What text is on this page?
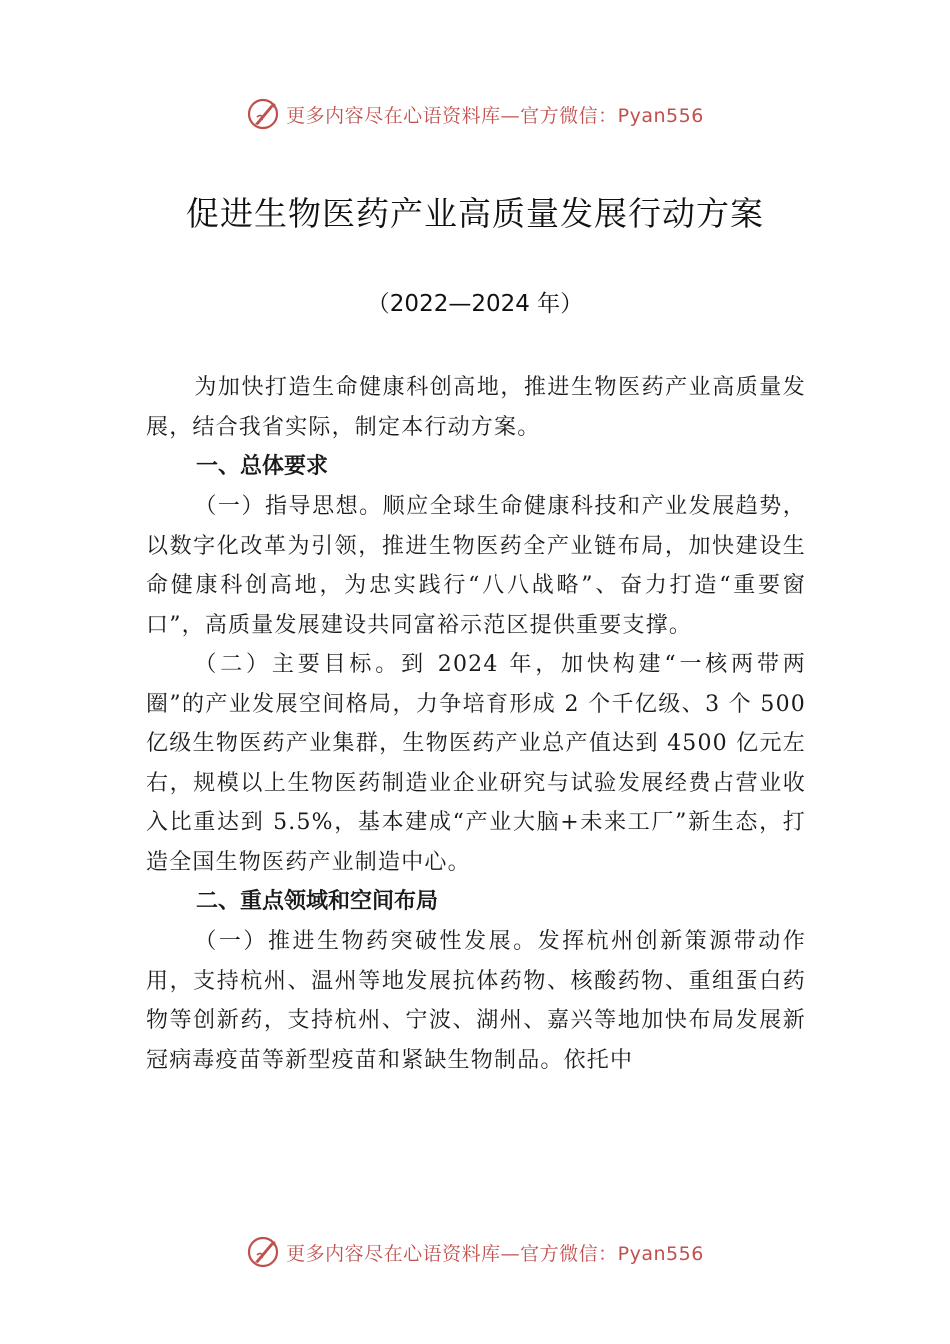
更多内容尽在心语资料库—官方微信：Pyan556
促进生物医药产业高质量发展行动方案
（2022—2024 年）

为加快打造生命健康科创高地，推进生物医药产业高质量发展，结合我省实际，制定本行动方案。

一、总体要求

（一）指导思想。顺应全球生命健康科技和产业发展趋势，以数字化改革为引领，推进生物医药全产业链布局，加快建设生命健康科创高地，为忠实践行“八八战略”、奋力打造“重要窗口”，高质量发展建设共同富裕示范区提供重要支撑。

（二）主要目标。到 2024 年，加快构建“一核两带两圈”的产业发展空间格局，力争培育形成 2 个千亿级、3 个 500 亿级生物医药产业集群，生物医药产业总产值达到 4500 亿元左右，规模以上生物医药制造业企业研究与试验发展经费占营业收入比重达到 5.5%，基本建成“产业大脑+未来工厂”新生态，打造全国生物医药产业制造中心。

二、重点领域和空间布局

（一）推进生物药突破性发展。发挥杭州创新策源带动作用，支持杭州、温州等地发展抗体药物、核酸药物、重组蛋白药物等创新药，支持杭州、宁波、湖州、嘉兴等地加快布局发展新冠病毒疫苗等新型疫苗和紧缺生物制品。依托中

更多内容尽在心语资料库—官方微信：Pyan556
